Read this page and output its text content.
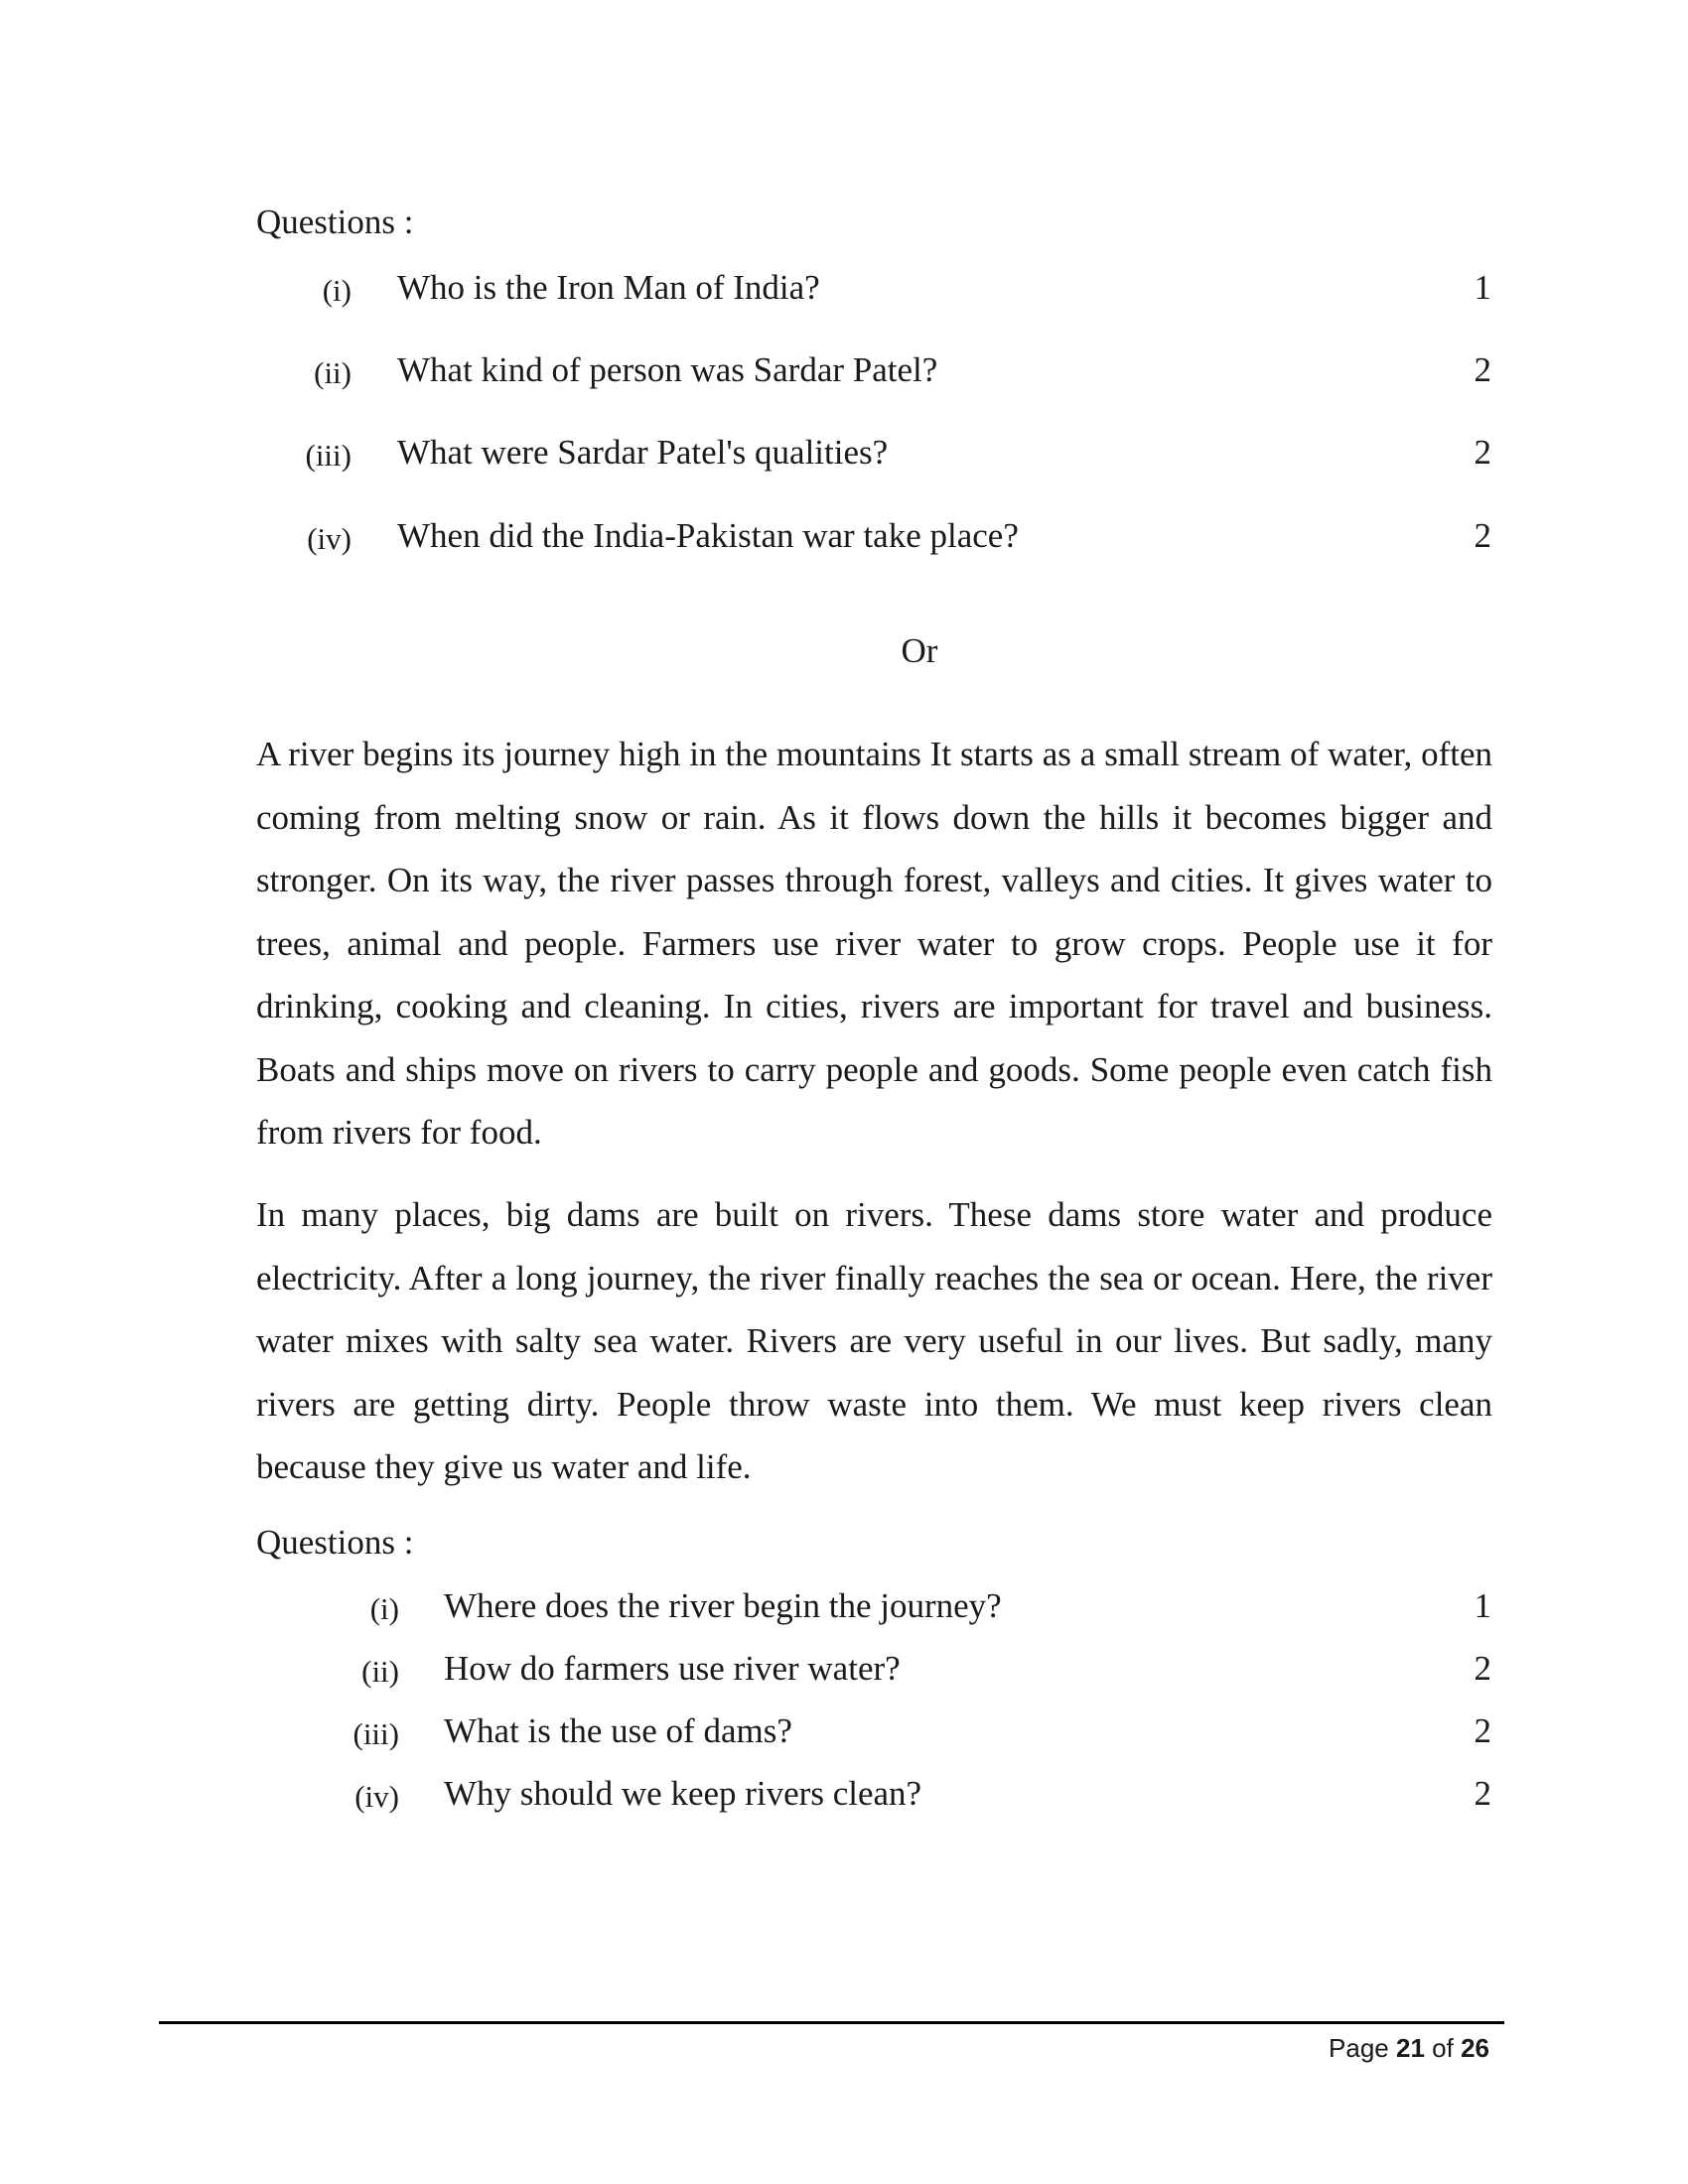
Questions :
(i) Who is the Iron Man of India?	1
(ii) What kind of person was Sardar Patel?	2
(iii) What were Sardar Patel's qualities?	2
(iv) When did the India-Pakistan war take place?	2
Or

A river begins its journey high in the mountains It starts as a small stream of water, often coming from melting snow or rain. As it flows down the hills it becomes bigger and stronger. On its way, the river passes through forest, valleys and cities. It gives water to trees, animal and people. Farmers use river water to grow crops. People use it for drinking, cooking and cleaning. In cities, rivers are important for travel and business. Boats and ships move on rivers to carry people and goods. Some people even catch fish from rivers for food.

In many places, big dams are built on rivers. These dams store water and produce electricity. After a long journey, the river finally reaches the sea or ocean. Here, the river water mixes with salty sea water. Rivers are very useful in our lives. But sadly, many rivers are getting dirty. People throw waste into them. We must keep rivers clean because they give us water and life.

Questions :
(i) Where does the river begin the journey?	1
(ii) How do farmers use river water?	2
(iii) What is the use of dams?	2
(iv) Why should we keep rivers clean?	2
Page 21 of 26
